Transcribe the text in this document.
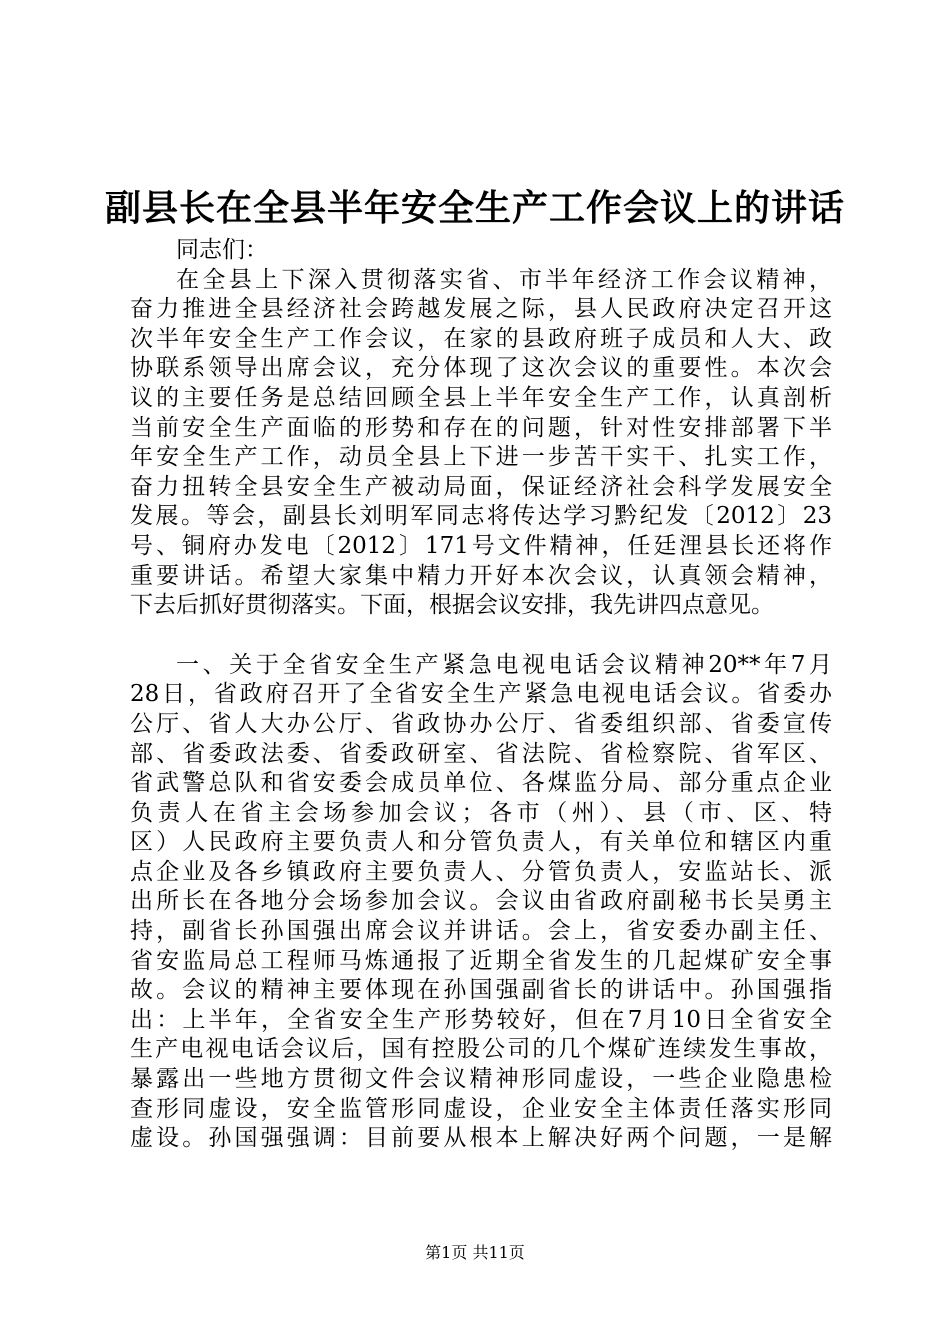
副县长在全县半年安全生产工作会议上的讲话
同志们：
在全县上下深入贯彻落实省、市半年经济工作会议精神，
奋力推进全县经济社会跨越发展之际，县人民政府决定召开这
次半年安全生产工作会议，在家的县政府班子成员和人大、政
协联系领导出席会议，充分体现了这次会议的重要性。本次会
议的主要任务是总结回顾全县上半年安全生产工作，认真剖析
当前安全生产面临的形势和存在的问题，针对性安排部署下半
年安全生产工作，动员全县上下进一步苦干实干、扎实工作，
奋力扭转全县安全生产被动局面，保证经济社会科学发展安全
发展。等会，副县长刘明军同志将传达学习黔纪发〔2012〕23
号、铜府办发电〔2012〕171号文件精神，任廷浬县长还将作
重要讲话。希望大家集中精力开好本次会议，认真领会精神，
下去后抓好贯彻落实。下面，根据会议安排，我先讲四点意见。
一、关于全省安全生产紧急电视电话会议精神20**年7月
28日，省政府召开了全省安全生产紧急电视电话会议。省委办
公厅、省人大办公厅、省政协办公厅、省委组织部、省委宣传
部、省委政法委、省委政研室、省法院、省检察院、省军区、
省武警总队和省安委会成员单位、各煤监分局、部分重点企业
负责人在省主会场参加会议；各市（州）、县（市、区、特
区）人民政府主要负责人和分管负责人，有关单位和辖区内重
点企业及各乡镇政府主要负责人、分管负责人，安监站长、派
出所长在各地分会场参加会议。会议由省政府副秘书长吴勇主
持，副省长孙国强出席会议并讲话。会上，省安委办副主任、
省安监局总工程师马炼通报了近期全省发生的几起煤矿安全事
故。会议的精神主要体现在孙国强副省长的讲话中。孙国强指
出：上半年，全省安全生产形势较好，但在7月10日全省安全
生产电视电话会议后，国有控股公司的几个煤矿连续发生事故，
暴露出一些地方贯彻文件会议精神形同虚设，一些企业隐患检
查形同虚设，安全监管形同虚设，企业安全主体责任落实形同
虚设。孙国强强调：目前要从根本上解决好两个问题，一是解
第1页 共11页
